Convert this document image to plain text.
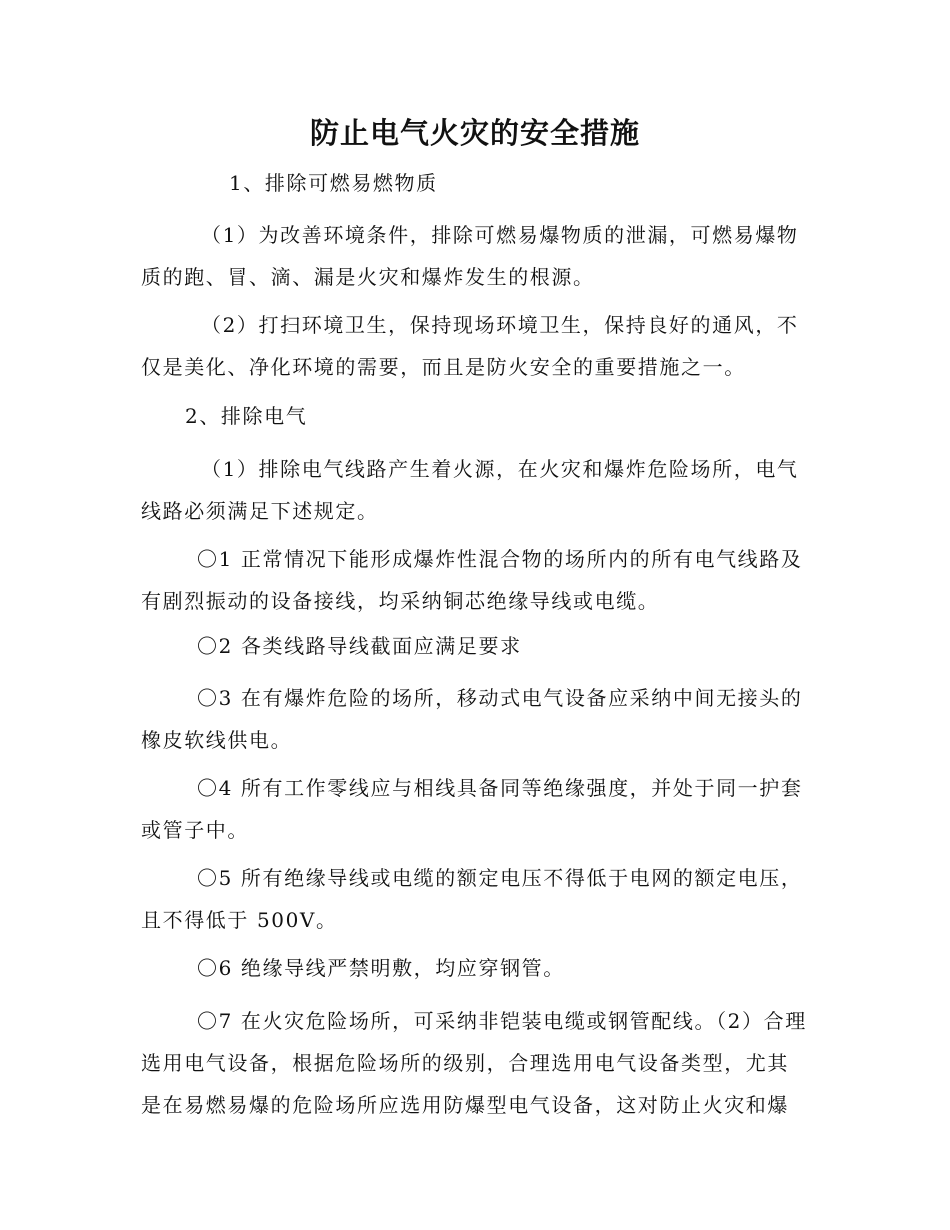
防止电气火灾的安全措施
1、排除可燃易燃物质
（1）为改善环境条件，排除可燃易爆物质的泄漏，可燃易爆物
质的跑、冒、滴、漏是火灾和爆炸发生的根源。
（2）打扫环境卫生，保持现场环境卫生，保持良好的通风，不
仅是美化、净化环境的需要，而且是防火安全的重要措施之一。
2、排除电气
（1）排除电气线路产生着火源，在火灾和爆炸危险场所，电气
线路必须满足下述规定。
〇1 正常情况下能形成爆炸性混合物的场所内的所有电气线路及
有剧烈振动的设备接线，均采纳铜芯绝缘导线或电缆。
〇2 各类线路导线截面应满足要求
〇3 在有爆炸危险的场所，移动式电气设备应采纳中间无接头的
橡皮软线供电。
〇4 所有工作零线应与相线具备同等绝缘强度，并处于同一护套
或管子中。
〇5 所有绝缘导线或电缆的额定电压不得低于电网的额定电压，
且不得低于 500V。
〇6 绝缘导线严禁明敷，均应穿钢管。
〇7 在火灾危险场所，可采纳非铠装电缆或钢管配线。（2）合理
选用电气设备，根据危险场所的级别，合理选用电气设备类型，尤其
是在易燃易爆的危险场所应选用防爆型电气设备，这对防止火灾和爆
